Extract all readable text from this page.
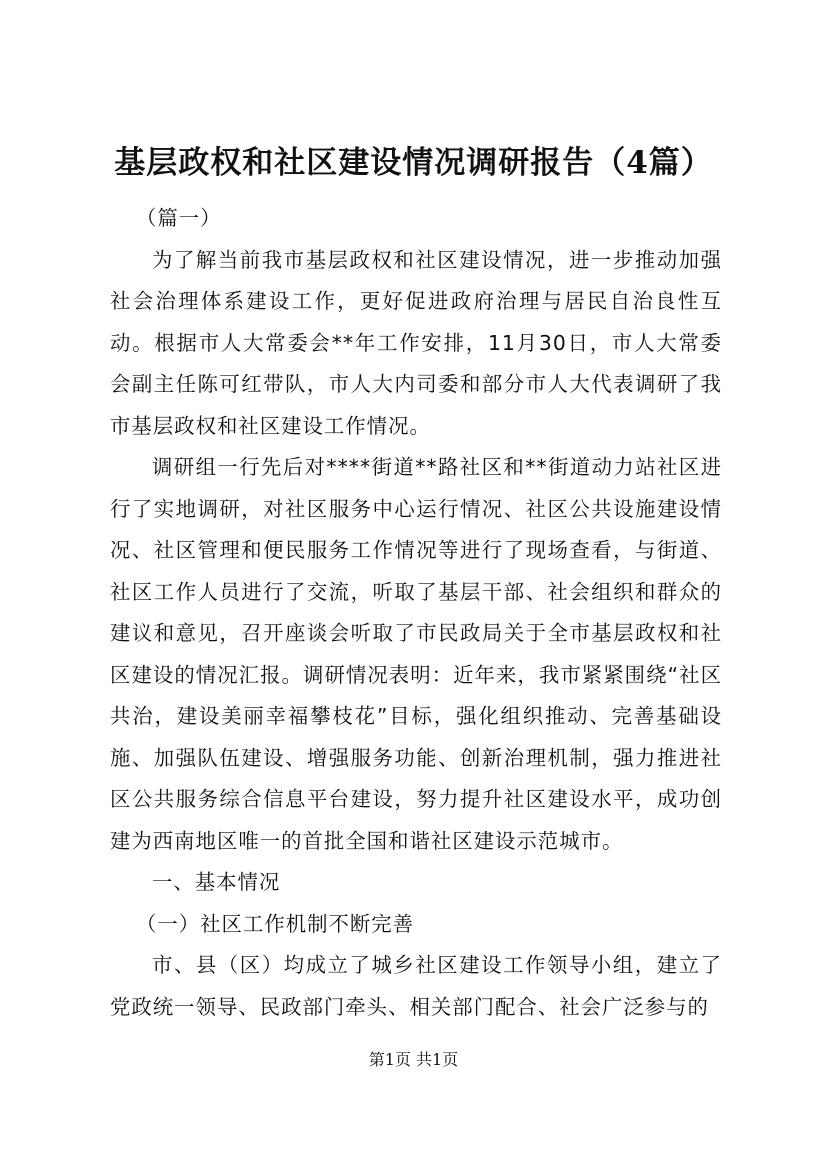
基层政权和社区建设情况调研报告（4篇）

（篇一）

为了解当前我市基层政权和社区建设情况，进一步推动加强社会治理体系建设工作，更好促进政府治理与居民自治良性互动。根据市人大常委会**年工作安排，11月30日，市人大常委会副主任陈可红带队，市人大内司委和部分市人大代表调研了我市基层政权和社区建设工作情况。

调研组一行先后对****街道**路社区和**街道动力站社区进行了实地调研，对社区服务中心运行情况、社区公共设施建设情况、社区管理和便民服务工作情况等进行了现场查看，与街道、社区工作人员进行了交流，听取了基层干部、社会组织和群众的建议和意见，召开座谈会听取了市民政局关于全市基层政权和社区建设的情况汇报。调研情况表明：近年来，我市紧紧围绕“社区共治，建设美丽幸福攀枝花”目标，强化组织推动、完善基础设施、加强队伍建设、增强服务功能、创新治理机制，强力推进社区公共服务综合信息平台建设，努力提升社区建设水平，成功创建为西南地区唯一的首批全国和谐社区建设示范城市。

一、基本情况

（一）社区工作机制不断完善

市、县（区）均成立了城乡社区建设工作领导小组，建立了党政统一领导、民政部门牵头、相关部门配合、社会广泛参与的

第1页 共1页
